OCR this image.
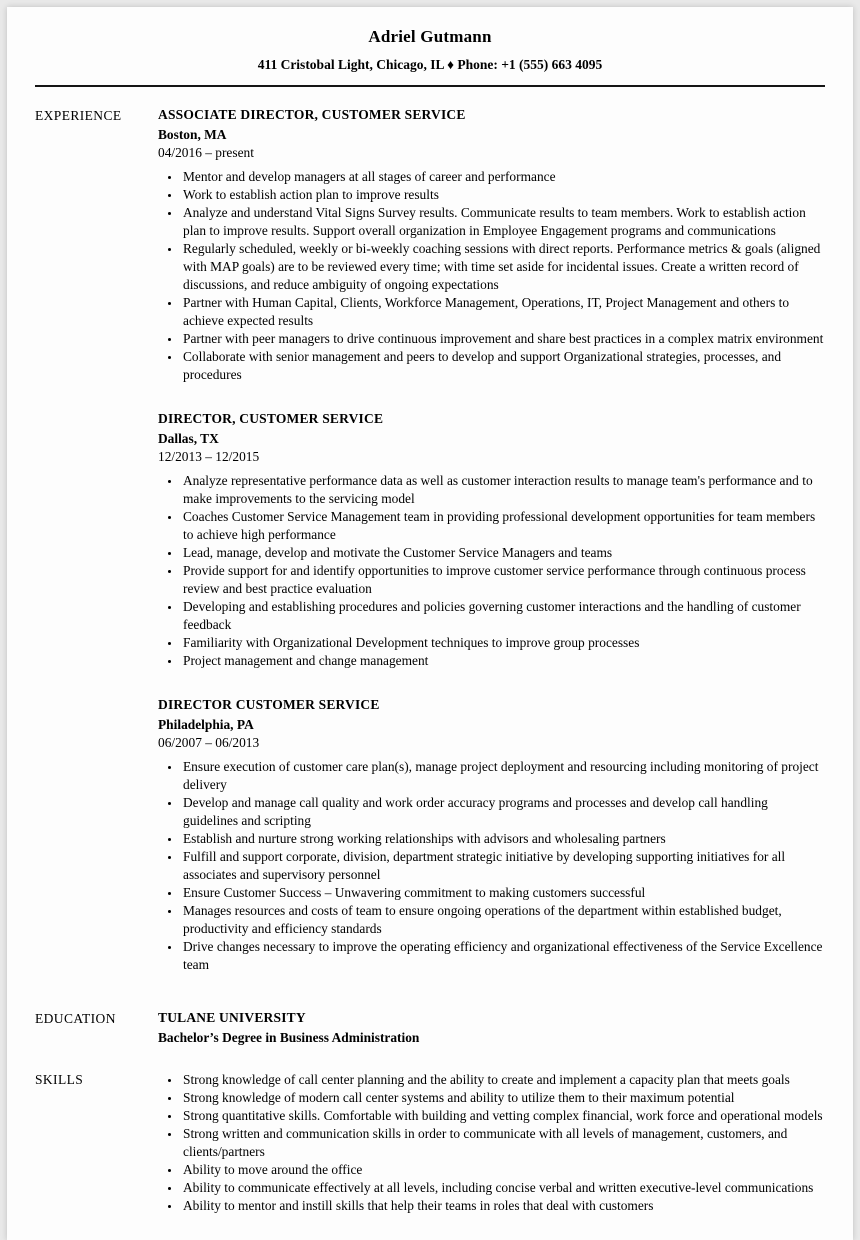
Adriel Gutmann
411 Cristobal Light, Chicago, IL ♦ Phone: +1 (555) 663 4095
EXPERIENCE	ASSOCIATE DIRECTOR, CUSTOMER SERVICE
Boston, MA
04/2016 – present
• Mentor and develop managers at all stages of career and performance
• Work to establish action plan to improve results
• Analyze and understand Vital Signs Survey results. Communicate results to team members. Work to establish action plan to improve results. Support overall organization in Employee Engagement programs and communications
• Regularly scheduled, weekly or bi-weekly coaching sessions with direct reports. Performance metrics & goals (aligned with MAP goals) are to be reviewed every time; with time set aside for incidental issues. Create a written record of discussions, and reduce ambiguity of ongoing expectations
• Partner with Human Capital, Clients, Workforce Management, Operations, IT, Project Management and others to achieve expected results
• Partner with peer managers to drive continuous improvement and share best practices in a complex matrix environment
• Collaborate with senior management and peers to develop and support Organizational strategies, processes, and procedures
DIRECTOR, CUSTOMER SERVICE
Dallas, TX
12/2013 – 12/2015
• Analyze representative performance data as well as customer interaction results to manage team's performance and to make improvements to the servicing model
• Coaches Customer Service Management team in providing professional development opportunities for team members to achieve high performance
• Lead, manage, develop and motivate the Customer Service Managers and teams
• Provide support for and identify opportunities to improve customer service performance through continuous process review and best practice evaluation
• Developing and establishing procedures and policies governing customer interactions and the handling of customer feedback
• Familiarity with Organizational Development techniques to improve group processes
• Project management and change management
DIRECTOR CUSTOMER SERVICE
Philadelphia, PA
06/2007 – 06/2013
• Ensure execution of customer care plan(s), manage project deployment and resourcing including monitoring of project delivery
• Develop and manage call quality and work order accuracy programs and processes and develop call handling guidelines and scripting
• Establish and nurture strong working relationships with advisors and wholesaling partners
• Fulfill and support corporate, division, department strategic initiative by developing supporting initiatives for all associates and supervisory personnel
• Ensure Customer Success – Unwavering commitment to making customers successful
• Manages resources and costs of team to ensure ongoing operations of the department within established budget, productivity and efficiency standards
• Drive changes necessary to improve the operating efficiency and organizational effectiveness of the Service Excellence team
EDUCATION	TULANE UNIVERSITY
Bachelor’s Degree in Business Administration
SKILLS	• Strong knowledge of call center planning and the ability to create and implement a capacity plan that meets goals
• Strong knowledge of modern call center systems and ability to utilize them to their maximum potential
• Strong quantitative skills. Comfortable with building and vetting complex financial, work force and operational models
• Strong written and communication skills in order to communicate with all levels of management, customers, and clients/partners
• Ability to move around the office
• Ability to communicate effectively at all levels, including concise verbal and written executive-level communications
• Ability to mentor and instill skills that help their teams in roles that deal with customers
